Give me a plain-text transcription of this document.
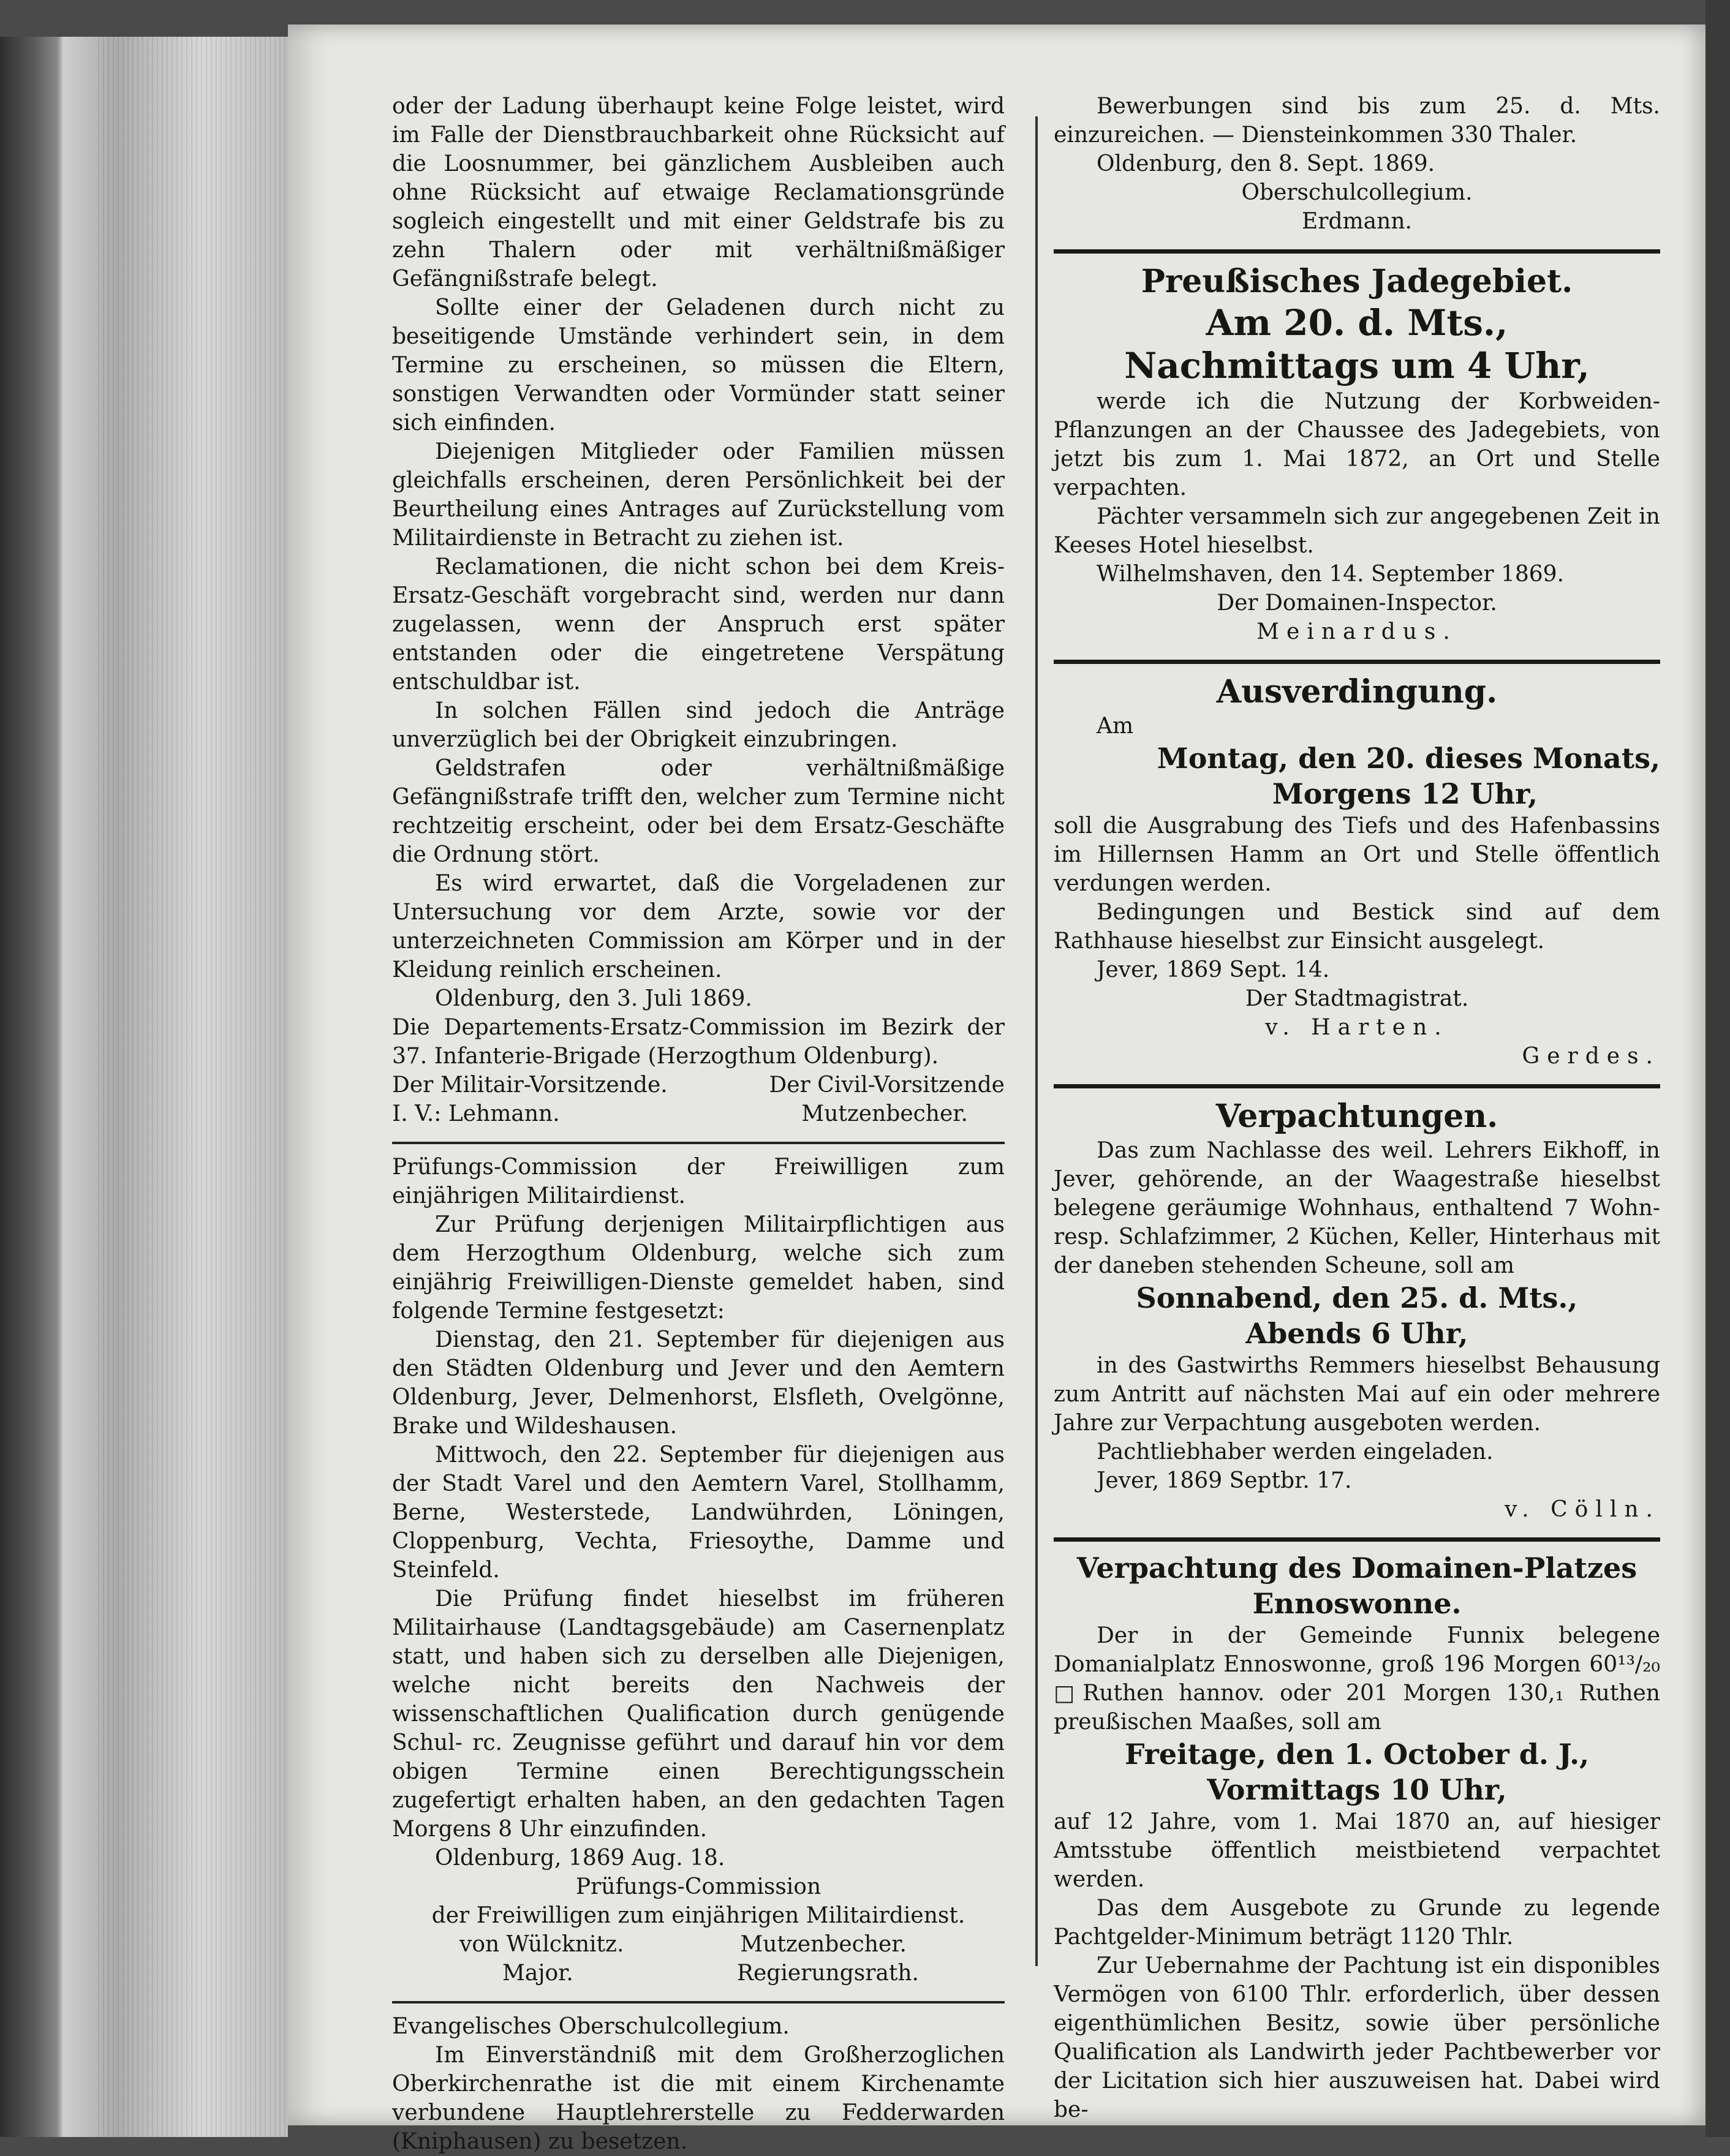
oder der Ladung überhaupt keine Folge leistet, wird im Falle der Dienstbrauchbarkeit ohne Rücksicht auf die Loosnummer, bei gänzlichem Ausbleiben auch ohne Rücksicht auf etwaige Reclamationsgründe sogleich eingestellt und mit einer Geldstrafe bis zu zehn Thalern oder mit verhältnißmäßiger Gefängnißstrafe belegt.

Sollte einer der Geladenen durch nicht zu beseitigende Umstände verhindert sein, in dem Termine zu erscheinen, so müssen die Eltern, sonstigen Verwandten oder Vormünder statt seiner sich einfinden.

Diejenigen Mitglieder oder Familien müssen gleichfalls erscheinen, deren Persönlichkeit bei der Beurtheilung eines Antrages auf Zurückstellung vom Militairdienste in Betracht zu ziehen ist.

Reclamationen, die nicht schon bei dem Kreis-Ersatz-Geschäft vorgebracht sind, werden nur dann zugelassen, wenn der Anspruch erst später entstanden oder die eingetretene Verspätung entschuldbar ist.

In solchen Fällen sind jedoch die Anträge unverzüglich bei der Obrigkeit einzubringen.

Geldstrafen oder verhältnißmäßige Gefängnißstrafe trifft den, welcher zum Termine nicht rechtzeitig erscheint, oder bei dem Ersatz-Geschäfte die Ordnung stört.

Es wird erwartet, daß die Vorgeladenen zur Untersuchung vor dem Arzte, sowie vor der unterzeichneten Commission am Körper und in der Kleidung reinlich erscheinen.

Oldenburg, den 3. Juli 1869.

Die Departements-Ersatz-Commission im Bezirk der 37. Infanterie-Brigade (Herzogthum Oldenburg).

Der Militair-Vorsitzende.	Der Civil-Vorsitzende
I. V.: Lehmann.	Mutzenbecher.

Prüfungs-Commission der Freiwilligen zum einjährigen Militairdienst.

Zur Prüfung derjenigen Militairpflichtigen aus dem Herzogthum Oldenburg, welche sich zum einjährig Freiwilligen-Dienste gemeldet haben, sind folgende Termine festgesetzt:

Dienstag, den 21. September für diejenigen aus den Städten Oldenburg und Jever und den Aemtern Oldenburg, Jever, Delmenhorst, Elsfleth, Ovelgönne, Brake und Wildeshausen.

Mittwoch, den 22. September für diejenigen aus der Stadt Varel und den Aemtern Varel, Stollhamm, Berne, Westerstede, Landwührden, Löningen, Cloppenburg, Vechta, Friesoythe, Damme und Steinfeld.

Die Prüfung findet hieselbst im früheren Militairhause (Landtagsgebäude) am Casernenplatz statt, und haben sich zu derselben alle Diejenigen, welche nicht bereits den Nachweis der wissenschaftlichen Qualification durch genügende Schul- rc. Zeugnisse geführt und darauf hin vor dem obigen Termine einen Berechtigungsschein zugefertigt erhalten haben, an den gedachten Tagen Morgens 8 Uhr einzufinden.

Oldenburg, 1869 Aug. 18.

Prüfungs-Commission

der Freiwilligen zum einjährigen Militairdienst.

von Wülcknitz.	Mutzenbecher.
Major.	Regierungsrath.

Evangelisches Oberschulcollegium.

Im Einverständniß mit dem Großherzoglichen Oberkirchenrathe ist die mit einem Kirchenamte verbundene Hauptlehrerstelle zu Fedderwarden (Kniphausen) zu besetzen.

Bewerbungen sind bis zum 25. d. Mts. einzureichen. — Diensteinkommen 330 Thaler.

Oldenburg, den 8. Sept. 1869.

Oberschulcollegium.

Erdmann.

Preußisches Jadegebiet.

Am 20. d. Mts.,

Nachmittags um 4 Uhr,

werde ich die Nutzung der Korbweiden-Pflanzungen an der Chaussee des Jadegebiets, von jetzt bis zum 1. Mai 1872, an Ort und Stelle verpachten.

Pächter versammeln sich zur angegebenen Zeit in Keeses Hotel hieselbst.

Wilhelmshaven, den 14. September 1869.

Der Domainen-Inspector.

Meinardus.

Ausverdingung.

Am

Montag, den 20. dieses Monats,

Morgens 12 Uhr,

soll die Ausgrabung des Tiefs und des Hafenbassins im Hillernsen Hamm an Ort und Stelle öffentlich verdungen werden.

Bedingungen und Bestick sind auf dem Rathhause hieselbst zur Einsicht ausgelegt.

Jever, 1869 Sept. 14.

Der Stadtmagistrat.

v. Harten.

Gerdes.

Verpachtungen.

Das zum Nachlasse des weil. Lehrers Eikhoff, in Jever, gehörende, an der Waagestraße hieselbst belegene geräumige Wohnhaus, enthaltend 7 Wohn- resp. Schlafzimmer, 2 Küchen, Keller, Hinterhaus mit der daneben stehenden Scheune, soll am

Sonnabend, den 25. d. Mts.,

Abends 6 Uhr,

in des Gastwirths Remmers hieselbst Behausung zum Antritt auf nächsten Mai auf ein oder mehrere Jahre zur Verpachtung ausgeboten werden.

Pachtliebhaber werden eingeladen.

Jever, 1869 Septbr. 17.

v. Cölln.

Verpachtung des Domainen-Platzes Ennoswonne.

Der in der Gemeinde Funnix belegene Domanialplatz Ennoswonne, groß 196 Morgen 60¹³/₂₀ □Ruthen hannov. oder 201 Morgen 130,₁ Ruthen preußischen Maaßes, soll am

Freitage, den 1. October d. J.,

Vormittags 10 Uhr,

auf 12 Jahre, vom 1. Mai 1870 an, auf hiesiger Amtsstube öffentlich meistbietend verpachtet werden.

Das dem Ausgebote zu Grunde zu legende Pachtgelder-Minimum beträgt 1120 Thlr.

Zur Uebernahme der Pachtung ist ein disponibles Vermögen von 6100 Thlr. erforderlich, über dessen eigenthümlichen Besitz, sowie über persönliche Qualification als Landwirth jeder Pachtbewerber vor der Licitation sich hier auszuweisen hat. Dabei wird be-
